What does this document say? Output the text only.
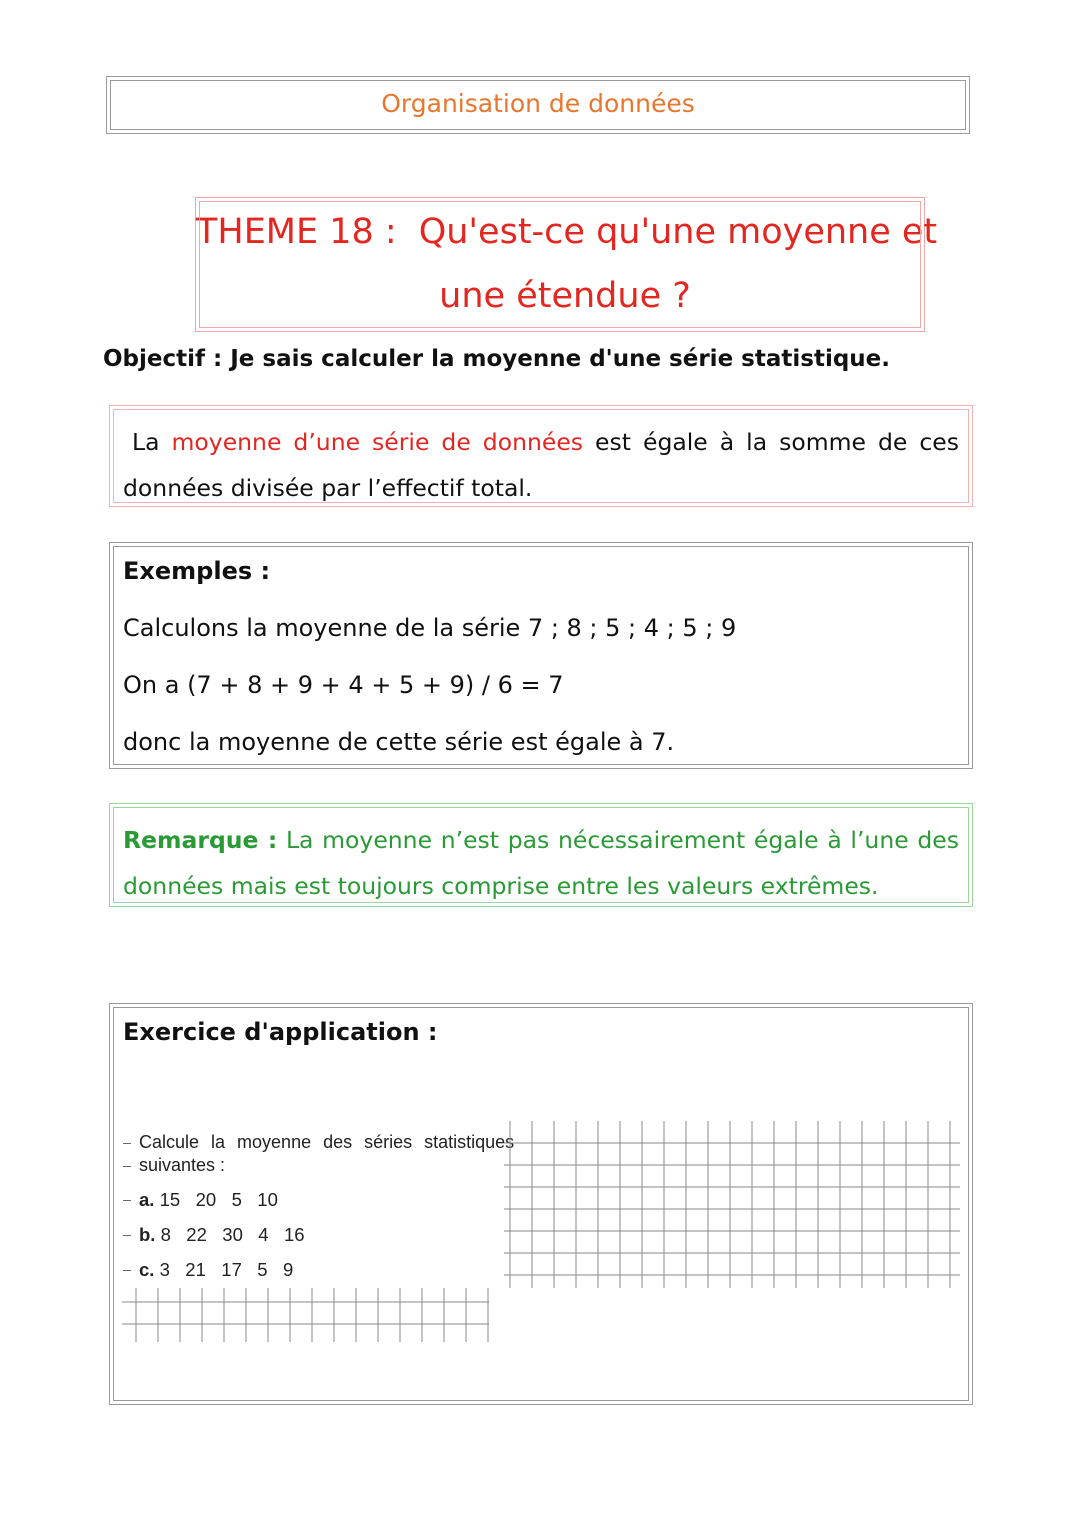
Organisation de données
THEME 18 : Qu'est-ce qu'une moyenne et
une étendue ?
Objectif : Je sais calculer la moyenne d'une série statistique.
La moyenne d’une série de données est égale à la somme de ces données divisée par l’effectif total.
Exemples :
Calculons la moyenne de la série 7 ; 8 ; 5 ; 4 ; 5 ; 9
On a (7 + 8 + 9 + 4 + 5 + 9) / 6 = 7
donc la moyenne de cette série est égale à 7.
Remarque : La moyenne n’est pas nécessairement égale à l’une des données mais est toujours comprise entre les valeurs extrêmes.
Exercice d'application :
Calcule la moyenne des séries statistiques
suivantes :
a. 15   20   5   10
b. 8   22   30   4   16
c. 3   21   17   5   9
